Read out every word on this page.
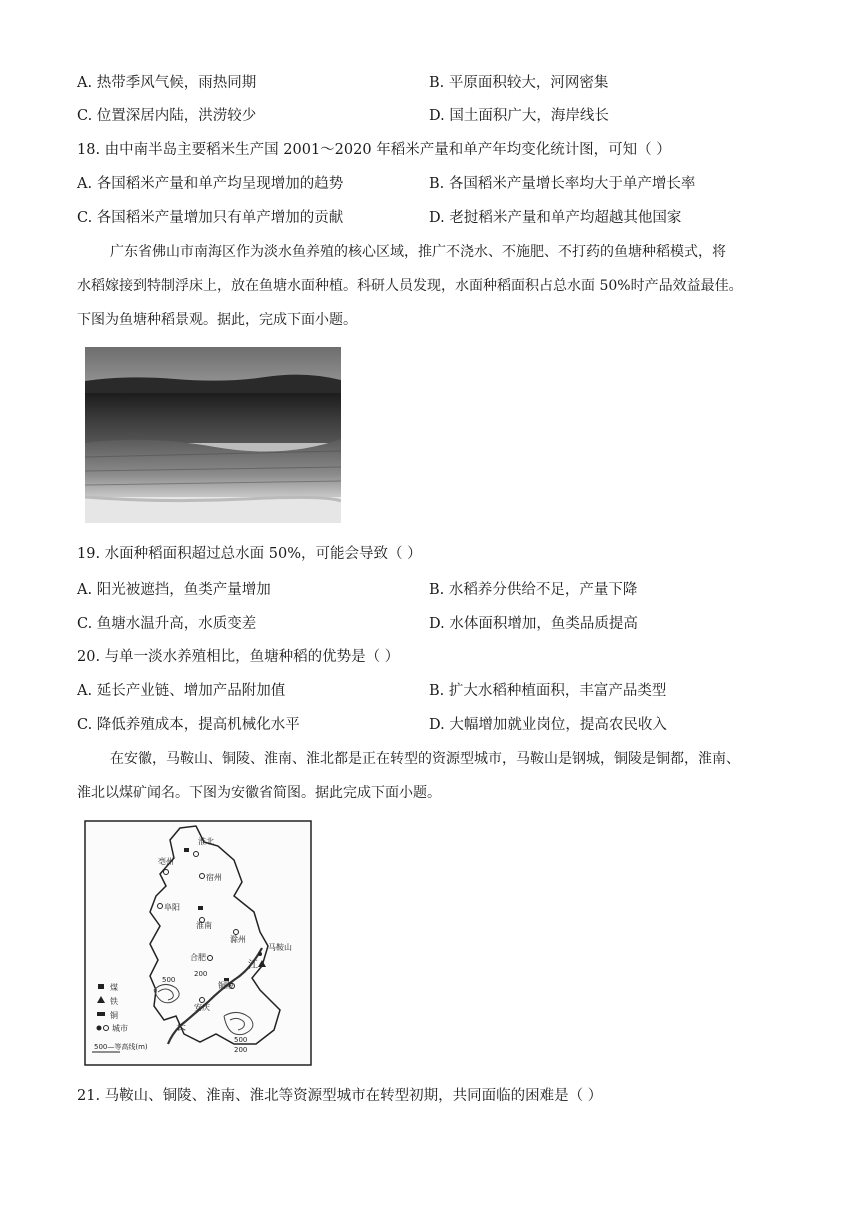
A. 热带季风气候，雨热同期	B. 平原面积较大，河网密集
C. 位置深居内陆，洪涝较少	D. 国土面积广大，海岸线长
18. 由中南半岛主要稻米生产国 2001～2020 年稻米产量和单产年均变化统计图，可知（ ）
A. 各国稻米产量和单产均呈现增加的趋势	B. 各国稻米产量增长率均大于单产增长率
C. 各国稻米产量增加只有单产增加的贡献	D. 老挝稻米产量和单产均超越其他国家
广东省佛山市南海区作为淡水鱼养殖的核心区域，推广不浇水、不施肥、不打药的鱼塘种稻模式，将
水稻嫁接到特制浮床上，放在鱼塘水面种植。科研人员发现，水面种稻面积占总水面 50%时产品效益最佳。
下图为鱼塘种稻景观。据此，完成下面小题。
19. 水面种稻面积超过总水面 50%，可能会导致（ ）
A. 阳光被遮挡，鱼类产量增加	B. 水稻养分供给不足，产量下降
C. 鱼塘水温升高，水质变差	D. 水体面积增加，鱼类品质提高
20. 与单一淡水养殖相比，鱼塘种稻的优势是（ ）
A. 延长产业链、增加产品附加值	B. 扩大水稻种植面积，丰富产品类型
C. 降低养殖成本，提高机械化水平	D. 大幅增加就业岗位，提高农民收入
在安徽，马鞍山、铜陵、淮南、淮北都是正在转型的资源型城市，马鞍山是钢城，铜陵是铜都，淮南、
淮北以煤矿闻名。下图为安徽省简图。据此完成下面小题。
淮北
宿州
亳州
阜阳
淮南
滁州
合肥
马鞍山
铜陵
安庆
江
长
500
200
500
200
煤
铁
铜
城市
500—等高线(m)
21. 马鞍山、铜陵、淮南、淮北等资源型城市在转型初期，共同面临的困难是（ ）
